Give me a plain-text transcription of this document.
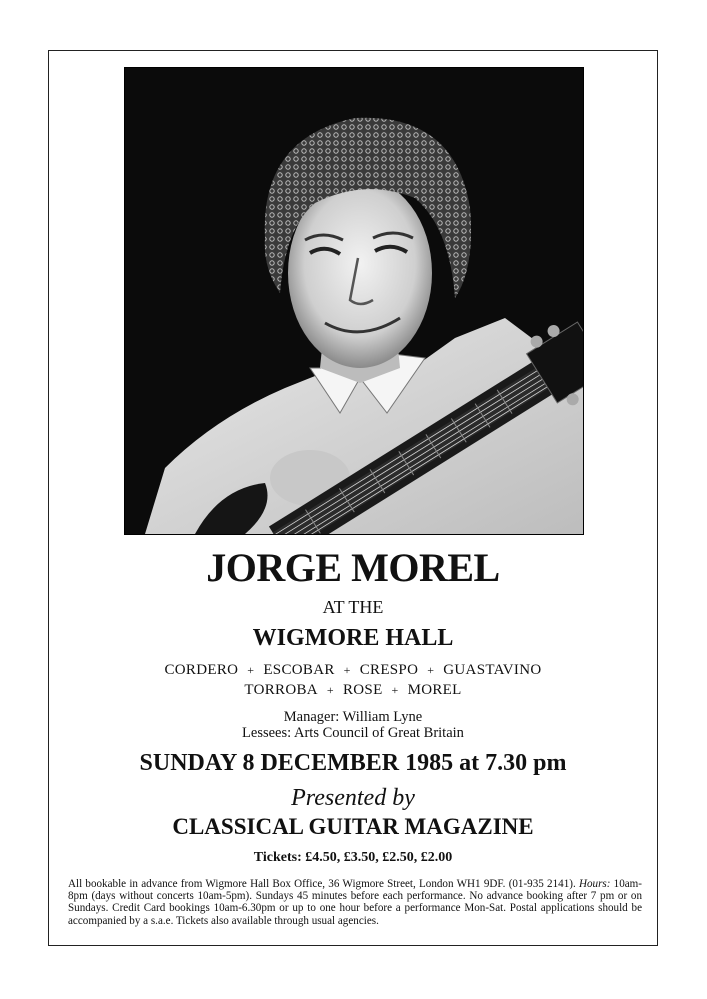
JORGE MOREL
AT THE
WIGMORE HALL
CORDERO + ESCOBAR + CRESPO + GUASTAVINO
TORROBA + ROSE + MOREL
Manager: William Lyne
Lessees: Arts Council of Great Britain
SUNDAY 8 DECEMBER 1985 at 7.30 pm
Presented by
CLASSICAL GUITAR MAGAZINE
Tickets: £4.50, £3.50, £2.50, £2.00
All bookable in advance from Wigmore Hall Box Office, 36 Wigmore Street, London WH1 9DF. (01-935 2141). Hours: 10am-8pm (days without concerts 10am-5pm). Sundays 45 minutes before each performance. No advance booking after 7 pm or on Sundays. Credit Card bookings 10am-6.30pm or up to one hour before a performance Mon-Sat. Postal applications should be accompanied by a s.a.e. Tickets also available through usual agencies.
